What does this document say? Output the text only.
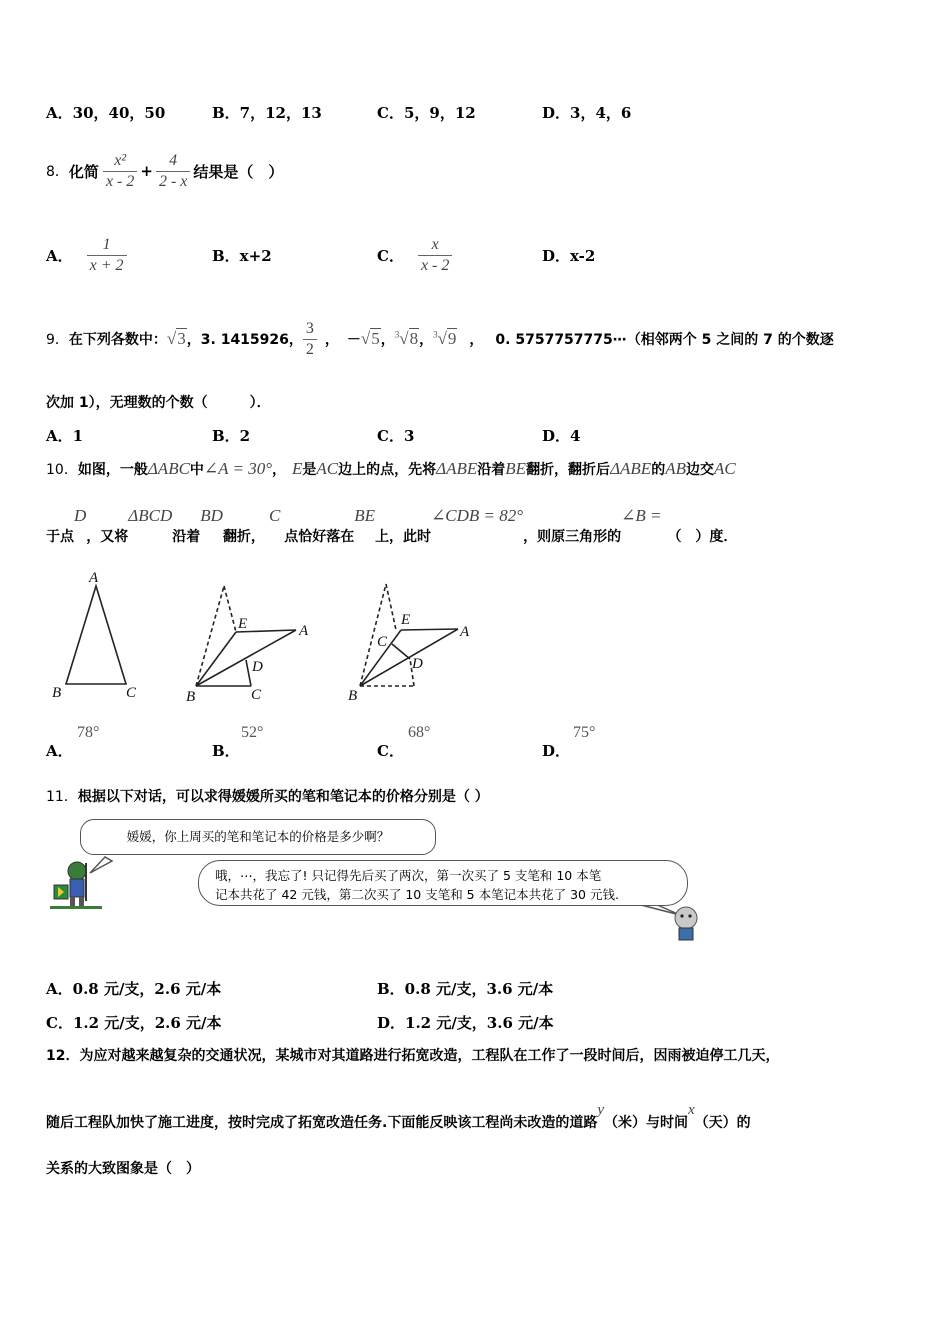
A．30，40，50	B．7，12，13	C．5，9，12	D．3，4，6
8． 化简 $\frac{\text{x²}}{x - 2} + \frac{4}{2 - x}$ 结果是（　）
A． $\frac{1}{x + 2}$	B．x+2	C． $\frac{x}{x - 2}$	D．x-2
9． 在下列各数中： √3 ，3. 1415926， $\frac{3}{2}$ ， － √5 ， $^3$√8 ， $^3$√9 ， 0. 5757757775⋯（相邻两个 5 之间的 7 的个数逐
次加 1），无理数的个数（　　　）．
A．1	B．2	C．3	D．4
10． 如图，一般 ΔABC 中 ∠A = 30° ， E 是 AC 边上的点，先将 ΔABE 沿着 BE 翻折，翻折后 ΔABE 的 AB 边交 AC
于点
D
，又将
ΔBCD
沿着
BD
翻折，
C
点恰好落在
BE
上，此时
∠CDB = 82°
，则原三角形的
∠B =
（　）度．
A
B	C
E	A
D
B	C
E
A
C
D
B
A．
78°
B．
52°
C．
68°
D．
75°
11．根据以下对话，可以求得媛媛所买的笔和笔记本的价格分别是（ ）
媛媛，你上周买的笔和笔记本的价格是多少啊？
哦，⋯，我忘了! 只记得先后买了两次，第一次买了 5 支笔和 10 本笔
记本共花了 42 元钱，第二次买了 10 支笔和 5 本笔记本共花了 30 元钱.
A．0.8 元/支，2.6 元/本	B．0.8 元/支，3.6 元/本
C．1.2 元/支，2.6 元/本	D．1.2 元/支，3.6 元/本
12．为应对越来越复杂的交通状况，某城市对其道路进行拓宽改造，工程队在工作了一段时间后，因雨被迫停工几天，
随后工程队加快了施工进度，按时完成了拓宽改造任务.下面能反映该工程尚未改造的道路
y
（米）与时间
x
（天）的
关系的大致图象是（　）
